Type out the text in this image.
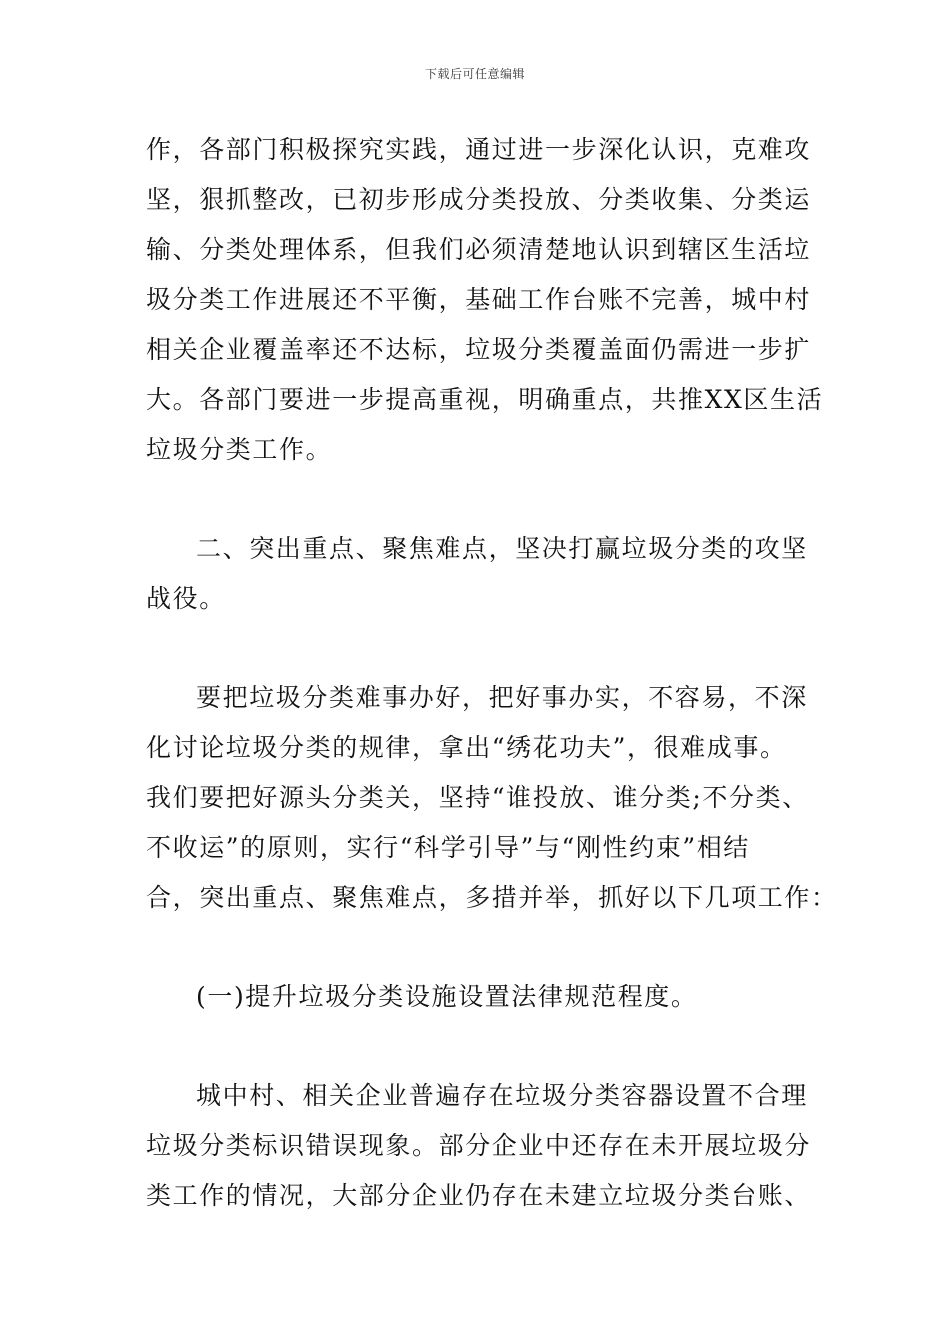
下载后可任意编辑
作，各部门积极探究实践，通过进一步深化认识，克难攻
坚，狠抓整改，已初步形成分类投放、分类收集、分类运
输、分类处理体系，但我们必须清楚地认识到辖区生活垃
圾分类工作进展还不平衡，基础工作台账不完善，城中村
相关企业覆盖率还不达标，垃圾分类覆盖面仍需进一步扩
大。各部门要进一步提高重视，明确重点，共推XX区生活
垃圾分类工作。
二、突出重点、聚焦难点，坚决打赢垃圾分类的攻坚
战役。
要把垃圾分类难事办好，把好事办实，不容易，不深
化讨论垃圾分类的规律，拿出“绣花功夫”，很难成事。
我们要把好源头分类关，坚持“谁投放、谁分类;不分类、
不收运”的原则，实行“科学引导”与“刚性约束”相结
合，突出重点、聚焦难点，多措并举，抓好以下几项工作：
(一)提升垃圾分类设施设置法律规范程度。
城中村、相关企业普遍存在垃圾分类容器设置不合理
垃圾分类标识错误现象。部分企业中还存在未开展垃圾分
类工作的情况，大部分企业仍存在未建立垃圾分类台账、
